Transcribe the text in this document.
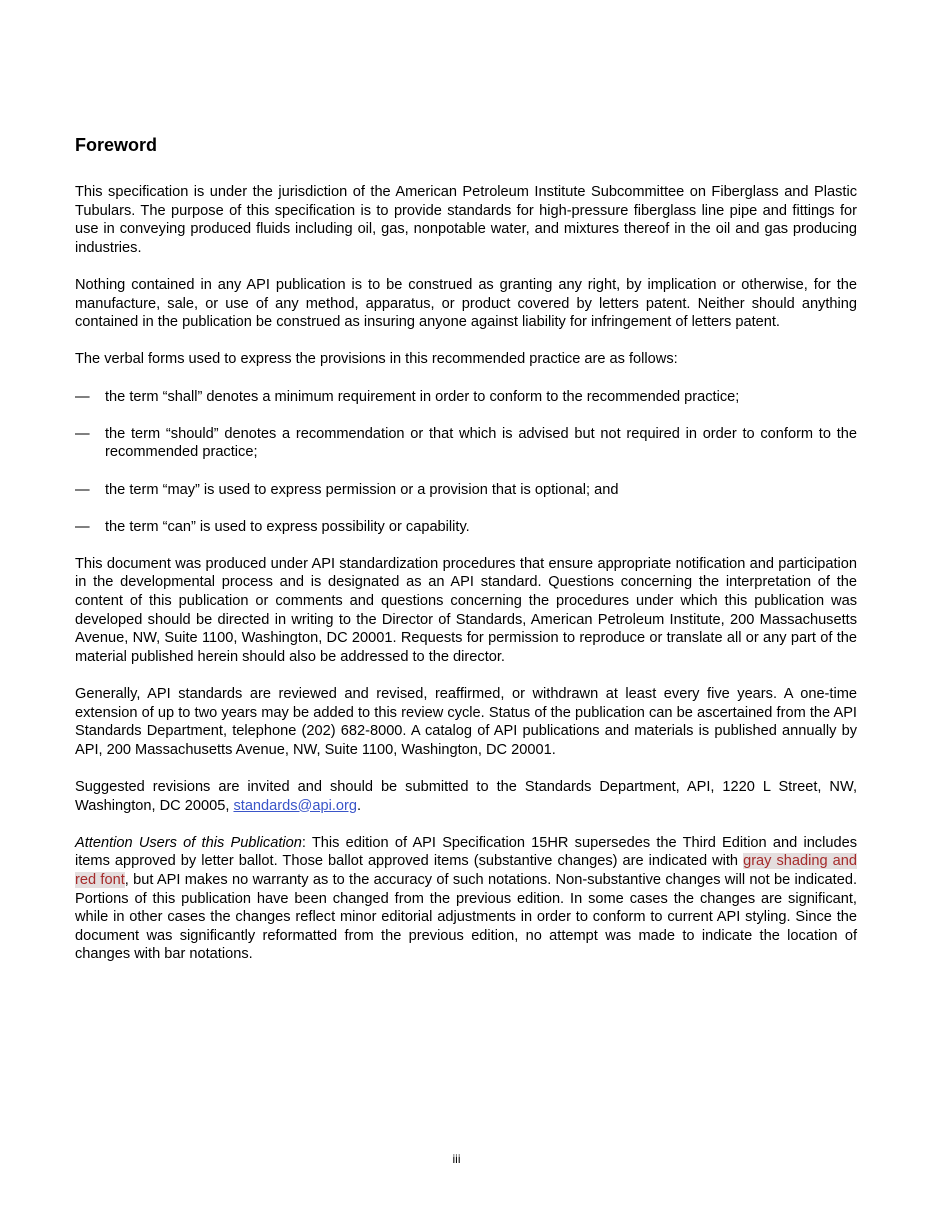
Foreword

This specification is under the jurisdiction of the American Petroleum Institute Subcommittee on Fiberglass and Plastic Tubulars. The purpose of this specification is to provide standards for high-pressure fiberglass line pipe and fittings for use in conveying produced fluids including oil, gas, nonpotable water, and mixtures thereof in the oil and gas producing industries.

Nothing contained in any API publication is to be construed as granting any right, by implication or otherwise, for the manufacture, sale, or use of any method, apparatus, or product covered by letters patent. Neither should anything contained in the publication be construed as insuring anyone against liability for infringement of letters patent.

The verbal forms used to express the provisions in this recommended practice are as follows:

—	the term “shall” denotes a minimum requirement in order to conform to the recommended practice;
—	the term “should” denotes a recommendation or that which is advised but not required in order to conform to the recommended practice;
—	the term “may” is used to express permission or a provision that is optional; and
—	the term “can” is used to express possibility or capability.

This document was produced under API standardization procedures that ensure appropriate notification and participation in the developmental process and is designated as an API standard. Questions concerning the interpretation of the content of this publication or comments and questions concerning the procedures under which this publication was developed should be directed in writing to the Director of Standards, American Petroleum Institute, 200 Massachusetts Avenue, NW, Suite 1100, Washington, DC 20001. Requests for permission to reproduce or translate all or any part of the material published herein should also be addressed to the director.

Generally, API standards are reviewed and revised, reaffirmed, or withdrawn at least every five years. A one-time extension of up to two years may be added to this review cycle. Status of the publication can be ascertained from the API Standards Department, telephone (202) 682-8000. A catalog of API publications and materials is published annually by API, 200 Massachusetts Avenue, NW, Suite 1100, Washington, DC 20001.

Suggested revisions are invited and should be submitted to the Standards Department, API, 1220 L Street, NW, Washington, DC 20005, standards@api.org.

Attention Users of this Publication: This edition of API Specification 15HR supersedes the Third Edition and includes items approved by letter ballot. Those ballot approved items (substantive changes) are indicated with gray shading and red font, but API makes no warranty as to the accuracy of such notations. Non-substantive changes will not be indicated. Portions of this publication have been changed from the previous edition. In some cases the changes are significant, while in other cases the changes reflect minor editorial adjustments in order to conform to current API styling. Since the document was significantly reformatted from the previous edition, no attempt was made to indicate the location of changes with bar notations.

iii
